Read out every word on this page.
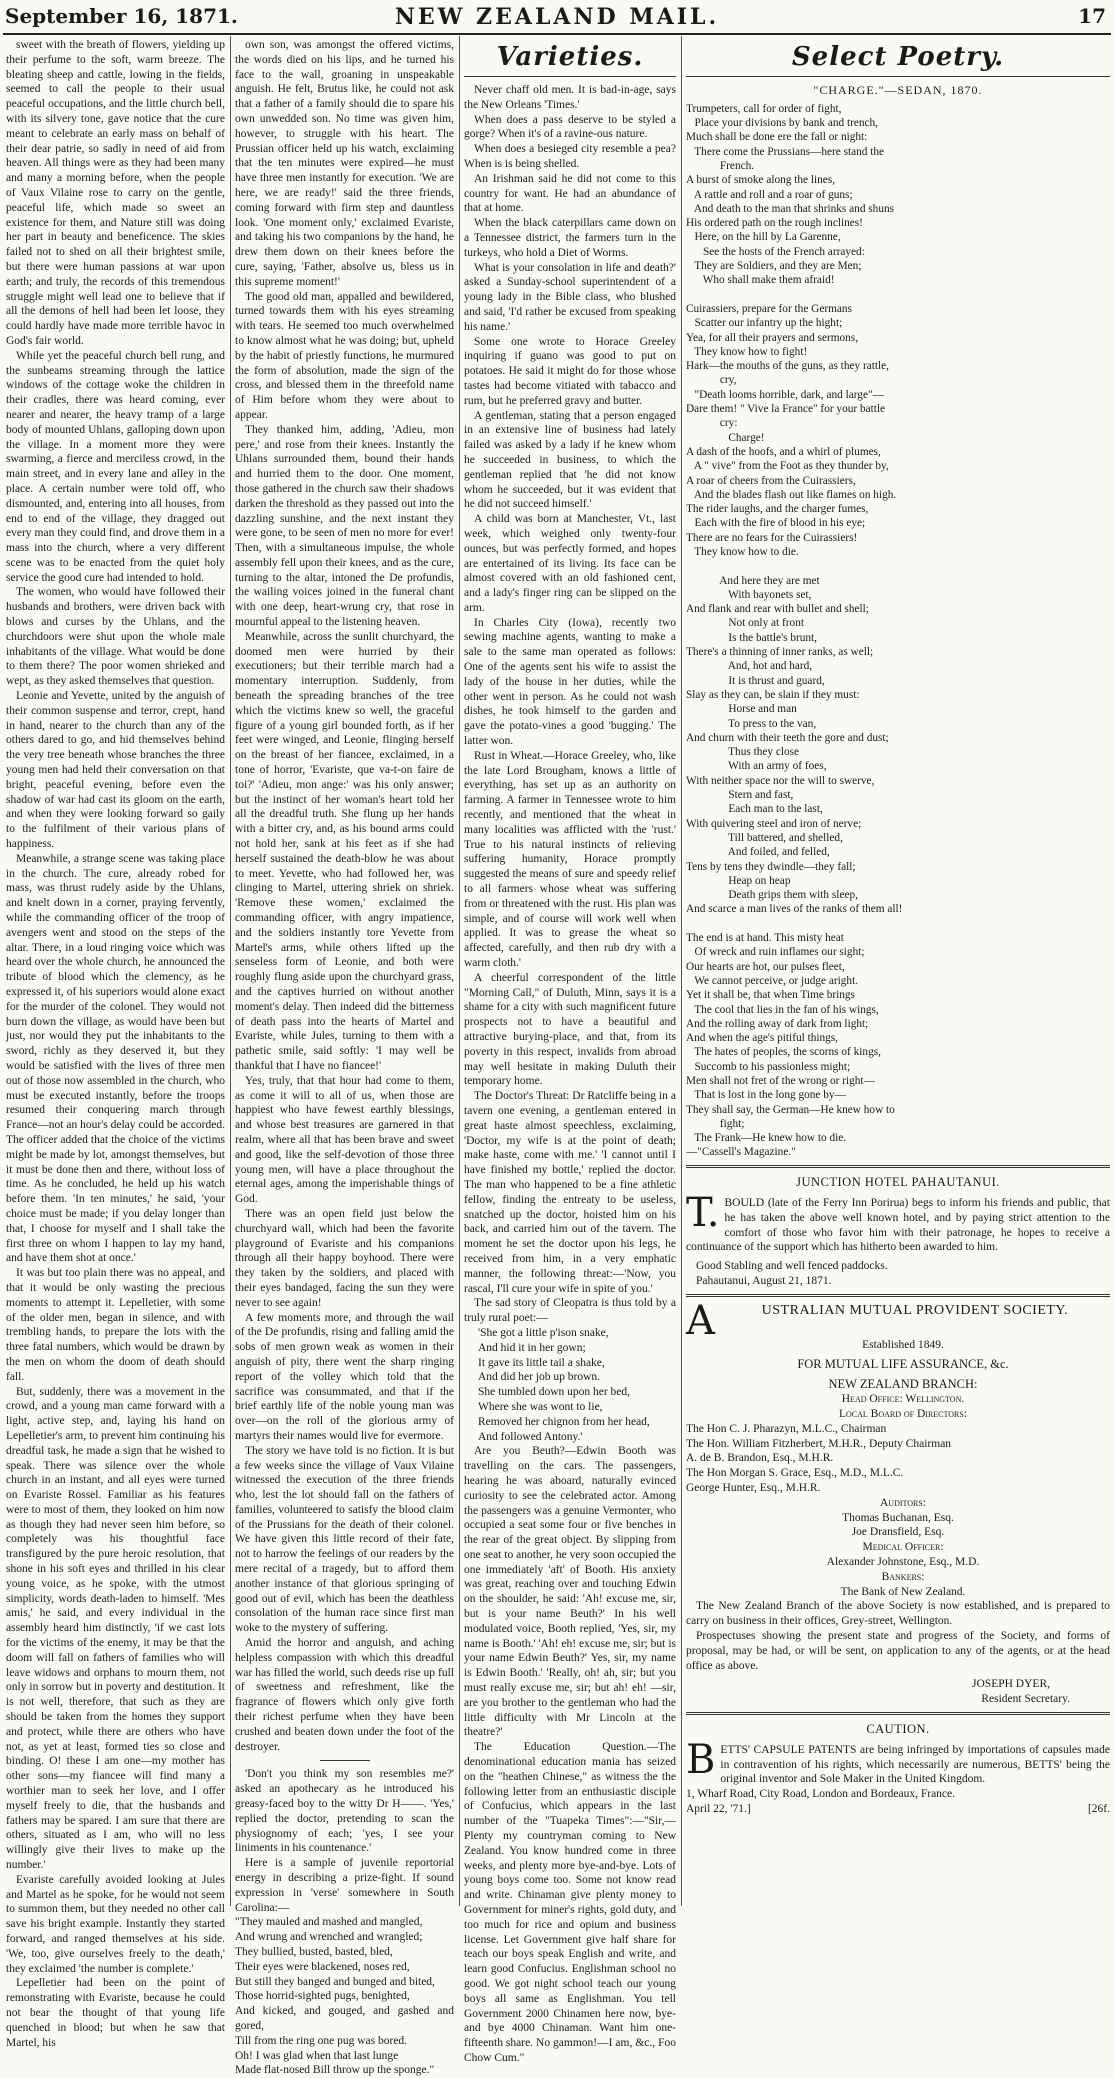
September 16, 1871.	NEW ZEALAND MAIL.	17

sweet with the breath of flowers, yielding up their perfume to the soft, warm breeze. The bleating sheep and cattle, lowing in the fields, seemed to call the people to their usual peaceful occupations, and the little church bell, with its silvery tone, gave notice that the cure meant to celebrate an early mass on behalf of their dear patrie, so sadly in need of aid from heaven. All things were as they had been many and many a morning before, when the people of Vaux Vilaine rose to carry on the gentle, peaceful life, which made so sweet an existence for them, and Nature still was doing her part in beauty and beneficence. The skies failed not to shed on all their brightest smile, but there were human passions at war upon earth; and truly, the records of this tremendous struggle might well lead one to believe that if all the demons of hell had been let loose, they could hardly have made more terrible havoc in God's fair world.

While yet the peaceful church bell rung, and the sunbeams streaming through the lattice windows of the cottage woke the children in their cradles, there was heard coming, ever nearer and nearer, the heavy tramp of a large body of mounted Uhlans, galloping down upon the village. In a moment more they were swarming, a fierce and merciless crowd, in the main street, and in every lane and alley in the place. A certain number were told off, who dismounted, and, entering into all houses, from end to end of the village, they dragged out every man they could find, and drove them in a mass into the church, where a very different scene was to be enacted from the quiet holy service the good cure had intended to hold.

The women, who would have followed their husbands and brothers, were driven back with blows and curses by the Uhlans, and the churchdoors were shut upon the whole male inhabitants of the village. What would be done to them there? The poor women shrieked and wept, as they asked themselves that question.

Leonie and Yevette, united by the anguish of their common suspense and terror, crept, hand in hand, nearer to the church than any of the others dared to go, and hid themselves behind the very tree beneath whose branches the three young men had held their conversation on that bright, peaceful evening, before even the shadow of war had cast its gloom on the earth, and when they were looking forward so gaily to the fulfilment of their various plans of happiness.

Meanwhile, a strange scene was taking place in the church. The cure, already robed for mass, was thrust rudely aside by the Uhlans, and knelt down in a corner, praying fervently, while the commanding officer of the troop of avengers went and stood on the steps of the altar. There, in a loud ringing voice which was heard over the whole church, he announced the tribute of blood which the clemency, as he expressed it, of his superiors would alone exact for the murder of the colonel. They would not burn down the village, as would have been but just, nor would they put the inhabitants to the sword, richly as they deserved it, but they would be satisfied with the lives of three men out of those now assembled in the church, who must be executed instantly, before the troops resumed their conquering march through France—not an hour's delay could be accorded. The officer added that the choice of the victims might be made by lot, amongst themselves, but it must be done then and there, without loss of time. As he concluded, he held up his watch before them. 'In ten minutes,' he said, 'your choice must be made; if you delay longer than that, I choose for myself and I shall take the first three on whom I happen to lay my hand, and have them shot at once.'

It was but too plain there was no appeal, and that it would be only wasting the precious moments to attempt it. Lepelletier, with some of the older men, began in silence, and with trembling hands, to prepare the lots with the three fatal numbers, which would be drawn by the men on whom the doom of death should fall.

But, suddenly, there was a movement in the crowd, and a young man came forward with a light, active step, and, laying his hand on Lepelletier's arm, to prevent him continuing his dreadful task, he made a sign that he wished to speak. There was silence over the whole church in an instant, and all eyes were turned on Evariste Rossel. Familiar as his features were to most of them, they looked on him now as though they had never seen him before, so completely was his thoughtful face transfigured by the pure heroic resolution, that shone in his soft eyes and thrilled in his clear young voice, as he spoke, with the utmost simplicity, words death-laden to himself. 'Mes amis,' he said, and every individual in the assembly heard him distinctly, 'if we cast lots for the victims of the enemy, it may be that the doom will fall on fathers of families who will leave widows and orphans to mourn them, not only in sorrow but in poverty and destitution. It is not well, therefore, that such as they are should be taken from the homes they support and protect, while there are others who have not, as yet at least, formed ties so close and binding. O! these I am one—my mother has other sons—my fiancee will find many a worthier man to seek her love, and I offer myself freely to die, that the husbands and fathers may be spared. I am sure that there are others, situated as I am, who will no less willingly give their lives to make up the number.'

Evariste carefully avoided looking at Jules and Martel as he spoke, for he would not seem to summon them, but they needed no other call save his bright example. Instantly they started forward, and ranged themselves at his side. 'We, too, give ourselves freely to the death,' they exclaimed 'the number is complete.'

Lepelletier had been on the point of remonstrating with Evariste, because he could not bear the thought of that young life quenched in blood; but when he saw that Martel, his

own son, was amongst the offered victims, the words died on his lips, and he turned his face to the wall, groaning in unspeakable anguish. He felt, Brutus like, he could not ask that a father of a family should die to spare his own unwedded son. No time was given him, however, to struggle with his heart. The Prussian officer held up his watch, exclaiming that the ten minutes were expired—he must have three men instantly for execution. 'We are here, we are ready!' said the three friends, coming forward with firm step and dauntless look. 'One moment only,' exclaimed Evariste, and taking his two companions by the hand, he drew them down on their knees before the cure, saying, 'Father, absolve us, bless us in this supreme moment!'

The good old man, appalled and bewildered, turned towards them with his eyes streaming with tears. He seemed too much overwhelmed to know almost what he was doing; but, upheld by the habit of priestly functions, he murmured the form of absolution, made the sign of the cross, and blessed them in the threefold name of Him before whom they were about to appear.

They thanked him, adding, 'Adieu, mon pere,' and rose from their knees. Instantly the Uhlans surrounded them, bound their hands and hurried them to the door. One moment, those gathered in the church saw their shadows darken the threshold as they passed out into the dazzling sunshine, and the next instant they were gone, to be seen of men no more for ever! Then, with a simultaneous impulse, the whole assembly fell upon their knees, and as the cure, turning to the altar, intoned the De profundis, the wailing voices joined in the funeral chant with one deep, heart-wrung cry, that rose in mournful appeal to the listening heaven.

Meanwhile, across the sunlit churchyard, the doomed men were hurried by their executioners; but their terrible march had a momentary interruption. Suddenly, from beneath the spreading branches of the tree which the victims knew so well, the graceful figure of a young girl bounded forth, as if her feet were winged, and Leonie, flinging herself on the breast of her fiancee, exclaimed, in a tone of horror, 'Evariste, que va-t-on faire de toi?' 'Adieu, mon ange:' was his only answer; but the instinct of her woman's heart told her all the dreadful truth. She flung up her hands with a bitter cry, and, as his bound arms could not hold her, sank at his feet as if she had herself sustained the death-blow he was about to meet. Yevette, who had followed her, was clinging to Martel, uttering shriek on shriek. 'Remove these women,' exclaimed the commanding officer, with angry impatience, and the soldiers instantly tore Yevette from Martel's arms, while others lifted up the senseless form of Leonie, and both were roughly flung aside upon the churchyard grass, and the captives hurried on without another moment's delay. Then indeed did the bitterness of death pass into the hearts of Martel and Evariste, while Jules, turning to them with a pathetic smile, said softly: 'I may well be thankful that I have no fiancee!'

Yes, truly, that that hour had come to them, as come it will to all of us, when those are happiest who have fewest earthly blessings, and whose best treasures are garnered in that realm, where all that has been brave and sweet and good, like the self-devotion of those three young men, will have a place throughout the eternal ages, among the imperishable things of God.

There was an open field just below the churchyard wall, which had been the favorite playground of Evariste and his companions through all their happy boyhood. There were they taken by the soldiers, and placed with their eyes bandaged, facing the sun they were never to see again!

A few moments more, and through the wail of the De profundis, rising and falling amid the sobs of men grown weak as women in their anguish of pity, there went the sharp ringing report of the volley which told that the sacrifice was consummated, and that if the brief earthly life of the noble young man was over—on the roll of the glorious army of martyrs their names would live for evermore.

The story we have told is no fiction. It is but a few weeks since the village of Vaux Vilaine witnessed the execution of the three friends who, lest the lot should fall on the fathers of families, volunteered to satisfy the blood claim of the Prussians for the death of their colonel. We have given this little record of their fate, not to harrow the feelings of our readers by the mere recital of a tragedy, but to afford them another instance of that glorious springing of good out of evil, which has been the deathless consolation of the human race since first man woke to the mystery of suffering.

Amid the horror and anguish, and aching helpless compassion with which this dreadful war has filled the world, such deeds rise up full of sweetness and refreshment, like the fragrance of flowers which only give forth their richest perfume when they have been crushed and beaten down under the foot of the destroyer.

'Don't you think my son resembles me?' asked an apothecary as he introduced his greasy-faced boy to the witty Dr H——. 'Yes,' replied the doctor, pretending to scan the physiognomy of each; 'yes, I see your liniments in his countenance.'

Here is a sample of juvenile reportorial energy in describing a prize-fight. If sound expression in 'verse' somewhere in South Carolina:—

"They mauled and mashed and mangled,
And wrung and wrenched and wrangled;
They bullied, busted, basted, bled,
Their eyes were blackened, noses red,
But still they banged and bunged and bited,
Those horrid-sighted pugs, benighted,
And kicked, and gouged, and gashed and gored,
Till from the ring one pug was bored.
Oh! I was glad when that last lunge
Made flat-nosed Bill throw up the sponge."

Varieties.

Never chaff old men. It is bad-in-age, says the New Orleans 'Times.'

When does a pass deserve to be styled a gorge? When it's of a ravine-ous nature.

When does a besieged city resemble a pea? When is is being shelled.

An Irishman said he did not come to this country for want. He had an abundance of that at home.

When the black caterpillars came down on a Tennessee district, the farmers turn in the turkeys, who hold a Diet of Worms.

What is your consolation in life and death?' asked a Sunday-school superintendent of a young lady in the Bible class, who blushed and said, 'I'd rather be excused from speaking his name.'

Some one wrote to Horace Greeley inquiring if guano was good to put on potatoes. He said it might do for those whose tastes had become vitiated with tabacco and rum, but he preferred gravy and butter.

A gentleman, stating that a person engaged in an extensive line of business had lately failed was asked by a lady if he knew whom he succeeded in business, to which the gentleman replied that 'he did not know whom he succeeded, but it was evident that he did not succeed himself.'

A child was born at Manchester, Vt., last week, which weighed only twenty-four ounces, but was perfectly formed, and hopes are entertained of its living. Its face can be almost covered with an old fashioned cent, and a lady's finger ring can be slipped on the arm.

In Charles City (Iowa), recently two sewing machine agents, wanting to make a sale to the same man operated as follows: One of the agents sent his wife to assist the lady of the house in her duties, while the other went in person. As he could not wash dishes, he took himself to the garden and gave the potato-vines a good 'bugging.' The latter won.

Rust in Wheat.—Horace Greeley, who, like the late Lord Brougham, knows a little of everything, has set up as an authority on farming. A farmer in Tennessee wrote to him recently, and mentioned that the wheat in many localities was afflicted with the 'rust.' True to his natural instincts of relieving suffering humanity, Horace promptly suggested the means of sure and speedy relief to all farmers whose wheat was suffering from or threatened with the rust. His plan was simple, and of course will work well when applied. It was to grease the wheat so affected, carefully, and then rub dry with a warm cloth.'

A cheerful correspondent of the little "Morning Call," of Duluth, Minn, says it is a shame for a city with such magnificent future prospects not to have a beautiful and attractive burying-place, and that, from its poverty in this respect, invalids from abroad may well hesitate in making Duluth their temporary home.

The Doctor's Threat: Dr Ratcliffe being in a tavern one evening, a gentleman entered in great haste almost speechless, exclaiming, 'Doctor, my wife is at the point of death; make haste, come with me.' 'I cannot until I have finished my bottle,' replied the doctor. The man who happened to be a fine athletic fellow, finding the entreaty to be useless, snatched up the doctor, hoisted him on his back, and carried him out of the tavern. The moment he set the doctor upon his legs, he received from him, in a very emphatic manner, the following threat:—'Now, you rascal, I'll cure your wife in spite of you.'

The sad story of Cleopatra is thus told by a truly rural poet:—

'She got a little p'ison snake,
And hid it in her gown;
It gave its little tail a shake,
And did her job up brown.
She tumbled down upon her bed,
Where she was wont to lie,
Removed her chignon from her head,
And followed Antony.'

Are you Beuth?—Edwin Booth was travelling on the cars. The passengers, hearing he was aboard, naturally evinced curiosity to see the celebrated actor. Among the passengers was a genuine Vermonter, who occupied a seat some four or five benches in the rear of the great object. By slipping from one seat to another, he very soon occupied the one immediately 'aft' of Booth. His anxiety was great, reaching over and touching Edwin on the shoulder, he said: 'Ah! excuse me, sir, but is your name Beuth?' In his well modulated voice, Booth replied, 'Yes, sir, my name is Booth.' 'Ah! eh! excuse me, sir; but is your name Edwin Beuth?' Yes, sir, my name is Edwin Booth.' 'Really, oh! ah, sir; but you must really excuse me, sir; but ah! eh! —sir, are you brother to the gentleman who had the little difficulty with Mr Lincoln at the theatre?'

The Education Question.—The denominational education mania has seized on the "heathen Chinese," as witness the the following letter from an enthusiastic disciple of Confucius, which appears in the last number of the "Tuapeka Times":—"Sir,—Plenty my countryman coming to New Zealand. You know hundred come in three weeks, and plenty more bye-and-bye. Lots of young boys come too. Some not know read and write. Chinaman give plenty money to Government for miner's rights, gold duty, and too much for rice and opium and business license. Let Government give half share for teach our boys speak English and write, and learn good Confucius. Englishman school no good. We got night school teach our young boys all same as Englishman. You tell Government 2000 Chinamen here now, bye-and bye 4000 Chinaman. Want him one-fifteenth share. No gammon!—I am, &c., Foo Chow Cum."

Select Poetry.
"CHARGE."—SEDAN, 1870.
Trumpeters, call for order of fight,
Place your divisions by bank and trench,
Much shall be done ere the fall or night:
There come the Prussians—here stand the
French.
A burst of smoke along the lines,
A rattle and roll and a roar of guns;
And death to the man that shrinks and shuns
His ordered path on the rough inclines!
Here, on the hill by La Garenne,
See the hosts of the French arrayed:
They are Soldiers, and they are Men;
Who shall make them afraid!

Cuirassiers, prepare for the Germans
Scatter our infantry up the hight;
Yea, for all their prayers and sermons,
They know how to fight!
Hark—the mouths of the guns, as they rattle,
cry,
"Death looms horrible, dark, and large"—
Dare them! " Vive la France" for your battle
cry:
Charge!
A dash of the hoofs, and a whirl of plumes,
A " vive" from the Foot as they thunder by,
A roar of cheers from the Cuirassiers,
And the blades flash out like flames on high.
The rider laughs, and the charger fumes,
Each with the fire of blood in his eye;
There are no fears for the Cuirassiers!
They know how to die.

And here they are met
With bayonets set,
And flank and rear with bullet and shell;
Not only at front
Is the battle's brunt,
There's a thinning of inner ranks, as well;
And, hot and hard,
It is thrust and guard,
Slay as they can, be slain if they must:
Horse and man
To press to the van,
And churn with their teeth the gore and dust;
Thus they close
With an army of foes,
With neither space nor the will to swerve,
Stern and fast,
Each man to the last,
With quivering steel and iron of nerve;
Till battered, and shelled,
And foiled, and felled,
Tens by tens they dwindle—they fall;
Heap on heap
Death grips them with sleep,
And scarce a man lives of the ranks of them all!

The end is at hand. This misty heat
Of wreck and ruin inflames our sight;
Our hearts are hot, our pulses fleet,
We cannot perceive, or judge aright.
Yet it shall be, that when Time brings
The cool that lies in the fan of his wings,
And the rolling away of dark from light;
And when the age's pitiful things,
The hates of peoples, the scorns of kings,
Succomb to his passionless might;
Men shall not fret of the wrong or right—
That is lost in the long gone by—
They shall say, the German—He knew how to
fight;
The Frank—He knew how to die.
—"Cassell's Magazine."
JUNCTION HOTEL PAHAUTANUI.
T. BOULD (late of the Ferry Inn Porirua) begs to inform his friends and public, that he has taken the above well known hotel, and by paying strict attention to the comfort of those who favor him with their patronage, he hopes to receive a continuance of the support which has hitherto been awarded to him.

Good Stabling and well fenced paddocks.

Pahautanui, August 21, 1871.

A	USTRALIAN MUTUAL PROVIDENT SOCIETY.

Established 1849.

FOR MUTUAL LIFE ASSURANCE, &c.

NEW ZEALAND BRANCH:

Head Office: Wellington.

Local Board of Directors:

The Hon C. J. Pharazyn, M.L.C., Chairman
The Hon. William Fitzherbert, M.H.R., Deputy Chairman
A. de B. Brandon, Esq., M.H.R.
The Hon Morgan S. Grace, Esq., M.D., M.L.C.
George Hunter, Esq., M.H.R.

Auditors:

Thomas Buchanan, Esq.
Joe Dransfield, Esq.

Medical Officer:

Alexander Johnstone, Esq., M.D.

Bankers:

The Bank of New Zealand.

The New Zealand Branch of the above Society is now established, and is prepared to carry on business in their offices, Grey-street, Wellington.

Prospectuses showing the present state and progress of the Society, and forms of proposal, may be had, or will be sent, on application to any of the agents, or at the head office as above.

JOSEPH DYER,

Resident Secretary.

CAUTION.
B ETTS' CAPSULE PATENTS are being infringed by importations of capsules made in contravention of his rights, which necessarily are numerous, BETTS' being the original inventor and Sole Maker in the United Kingdom.

1, Wharf Road, City Road, London and Bordeaux, France.

April 22, '71.]	[26f.
